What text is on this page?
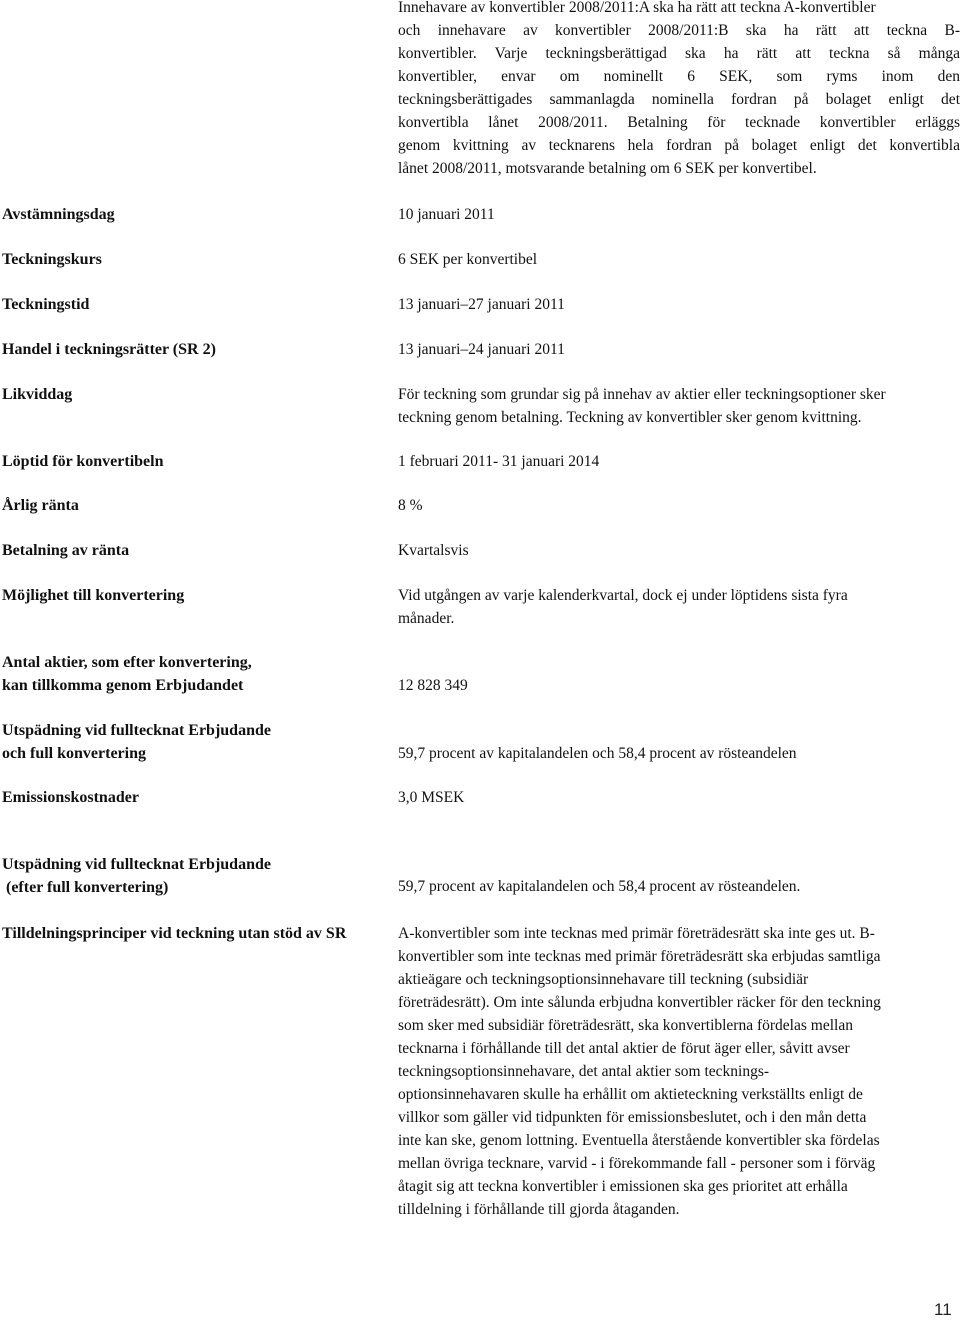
Innehavare av konvertibler 2008/2011:A ska ha rätt att teckna A-konvertibler
och innehavare av konvertibler 2008/2011:B ska ha rätt att teckna B-
konvertibler. Varje teckningsberättigad ska ha rätt att teckna så många
konvertibler, envar om nominellt 6 SEK, som ryms inom den
teckningsberättigades sammanlagda nominella fordran på bolaget enligt det
konvertibla lånet 2008/2011. Betalning för tecknade konvertibler erläggs
genom kvittning av tecknarens hela fordran på bolaget enligt det konvertibla
lånet 2008/2011, motsvarande betalning om 6 SEK per konvertibel.
Avstämningsdag	10 januari 2011
Teckningskurs	6 SEK per konvertibel
Teckningstid	13 januari–27 januari 2011
Handel i teckningsrätter (SR 2)	13 januari–24 januari 2011
Likviddag	För teckning som grundar sig på innehav av aktier eller teckningsoptioner sker
teckning genom betalning. Teckning av konvertibler sker genom kvittning.
Löptid för konvertibeln	1 februari 2011- 31 januari 2014
Årlig ränta	8 %
Betalning av ränta	Kvartalsvis
Möjlighet till konvertering	Vid utgången av varje kalenderkvartal, dock ej under löptidens sista fyra
månader.
Antal aktier, som efter konvertering,
kan tillkomma genom Erbjudandet	12 828 349
Utspädning vid fulltecknat Erbjudande
och full konvertering	59,7 procent av kapitalandelen och 58,4 procent av rösteandelen
Emissionskostnader	3,0 MSEK
Utspädning vid fulltecknat Erbjudande
(efter full konvertering)	59,7 procent av kapitalandelen och 58,4 procent av rösteandelen.
Tilldelningsprinciper vid teckning utan stöd av SR	A-konvertibler som inte tecknas med primär företrädesrätt ska inte ges ut. B-
konvertibler som inte tecknas med primär företrädesrätt ska erbjudas samtliga
aktieägare och teckningsoptionsinnehavare till teckning (subsidiär
företrädesrätt). Om inte sålunda erbjudna konvertibler räcker för den teckning
som sker med subsidiär företrädesrätt, ska konvertiblerna fördelas mellan
tecknarna i förhållande till det antal aktier de förut äger eller, såvitt avser
teckningsoptionsinnehavare, det antal aktier som tecknings-
optionsinnehavaren skulle ha erhållit om aktieteckning verkställts enligt de
villkor som gäller vid tidpunkten för emissionsbeslutet, och i den mån detta
inte kan ske, genom lottning. Eventuella återstående konvertibler ska fördelas
mellan övriga tecknare, varvid - i förekommande fall - personer som i förväg
åtagit sig att teckna konvertibler i emissionen ska ges prioritet att erhålla
tilldelning i förhållande till gjorda åtaganden.
11
